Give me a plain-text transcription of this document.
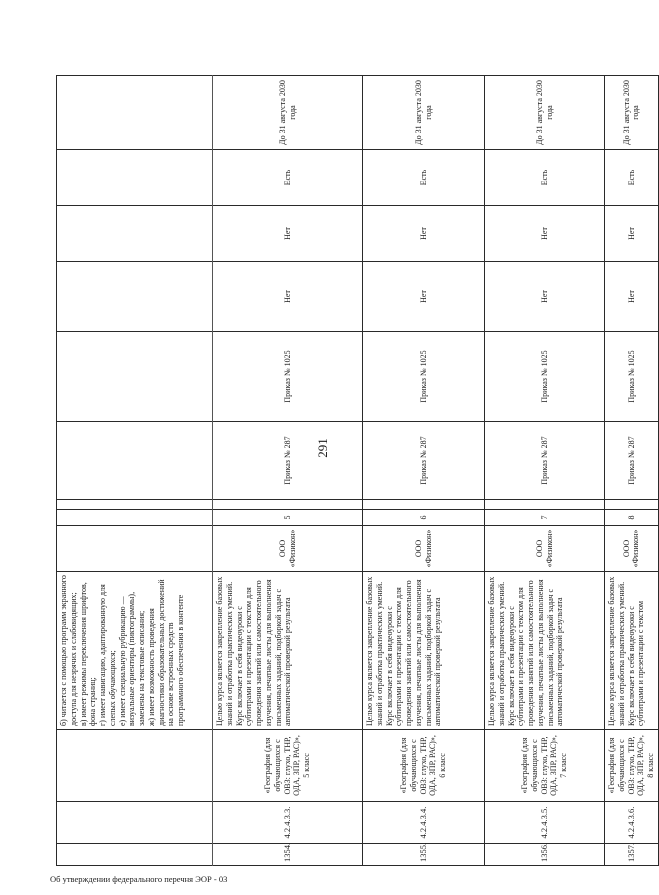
291
Об утверждении федерального перечня ЭОР - 03

			б) читается с помощью программ экранного доступа для незрячих и слабовидящих; в) имеет режимы переключения шрифтов, фона страниц; г) имеет навигацию, адаптированную для слепых обучающихся; е) имеет специальную рубрикацию — визуальные ориентиры (пиктограммы), заменены на текстовые описания; ж) имеет возможность проведения диагностики образовательных достижений на основе встроенных средств программного обеспечения в контенте									

1354.	4.2.4.3.3.	«География (для обучающихся с ОВЗ: глухо, ТНР, ОДА, ЗПР, РАС)», 5 класс	Целью курса является закрепление базовых знаний и отработка практических умений. Курс включает в себя видеоуроки с субтитрами и презентации с текстом для проведения занятий или самостоятельного изучения, печатные листы для выполнения письменных заданий, подборкой задач с автоматической проверкой результата	ООО «Физикон»	5		Приказ № 287	Приказ № 1025	Нет	Нет	Есть	До 31 августа 2030 года
1355.	4.2.4.3.4.	«География (для обучающихся с ОВЗ: глухо, ТНР, ОДА, ЗПР, РАС)», 6 класс	Целью курса является закрепление базовых знаний и отработка практических умений. Курс включает в себя видеоуроки с субтитрами и презентации с текстом для проведения занятий или самостоятельного изучения, печатные листы для выполнения письменных заданий, подборкой задач с автоматической проверкой результата	ООО «Физикон»	6		Приказ № 287	Приказ № 1025	Нет	Нет	Есть	До 31 августа 2030 года
1356.	4.2.4.3.5.	«География (для обучающихся с ОВЗ: глухо, ТНР, ОДА, ЗПР, РАС)», 7 класс	Целью курса является закрепление базовых знаний и отработка практических умений. Курс включает в себя видеоуроки с субтитрами и презентации с текстом для проведения занятий или самостоятельного изучения, печатные листы для выполнения письменных заданий, подборкой задач с автоматической проверкой результата	ООО «Физикон»	7		Приказ № 287	Приказ № 1025	Нет	Нет	Есть	До 31 августа 2030 года
1357.	4.2.4.3.6.	«География (для обучающихся с ОВЗ: глухо, ТНР, ОДА, ЗПР, РАС)», 8 класс	Целью курса является закрепление базовых знаний и отработка практических умений. Курс включает в себя видеоуроки с субтитрами и презентации с текстом	ООО «Физикон»	8		Приказ № 287	Приказ № 1025	Нет	Нет	Есть	До 31 августа 2030 года
